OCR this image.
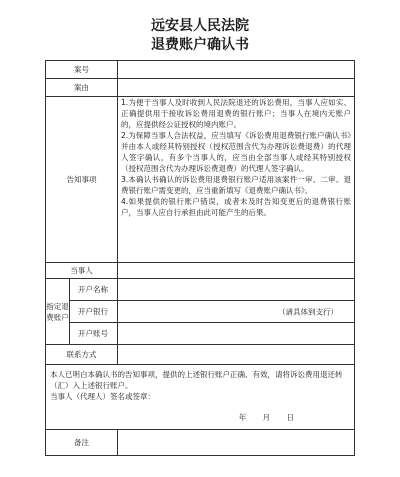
远安县人民法院
退费账户确认书
案号		
案由		
告知事项		1.为便于当事人及时收到人民法院退还的诉讼费用，当事人应如实、正确提供用于接收诉讼费用退费的银行账户；当事人在境内无账户的，应提供经公证授权的境内账户。

2.为保障当事人合法权益，应当填写《诉讼费用退费银行账户确认书》并由本人或经其特别授权（授权范围含代为办理诉讼费退费）的代理人签字确认，有多个当事人的，应当由全部当事人或经其特别授权（授权范围含代为办理诉讼费退费）的代理人签字确认。

3.本确认书确认的诉讼费用退费银行账户适用该案件一审、二审。退费银行账户需变更的，应当重新填写《退费账户确认书》。

4.如果提供的银行账户错误，或者未及时告知变更后的退费银行账户，当事人应自行承担由此可能产生的后果。

当事人		
指定退费账户	开户名称	
	开户银行	（请具体到支行）

	开户账号	
联系方式		

本人已明白本确认书的告知事项，提供的上述银行账户正确、有效，请将诉讼费用退还转（汇）入上述银行账户。

当事人（代理人）签名或签章：

年 月 日		

备注		
